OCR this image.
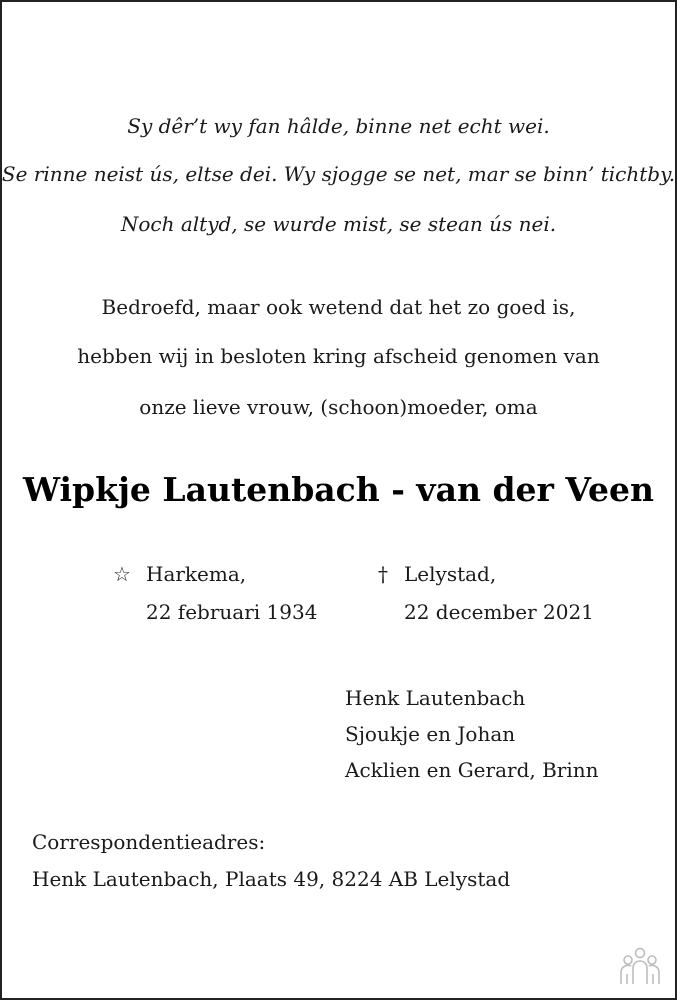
Sy dêr’t wy fan hâlde, binne net echt wei.
Se rinne neist ús, eltse dei. Wy sjogge se net, mar se binn’ tichtby.
Noch altyd, se wurde mist, se stean ús nei.
Bedroefd, maar ook wetend dat het zo goed is,
hebben wij in besloten kring afscheid genomen van
onze lieve vrouw, (schoon)moeder, oma
Wipkje Lautenbach - van der Veen
☆ Harkema,
22 februari 1934
† Lelystad,
22 december 2021
Henk Lautenbach
Sjoukje en Johan
Acklien en Gerard, Brinn
Correspondentieadres:
Henk Lautenbach, Plaats 49, 8224 AB Lelystad
